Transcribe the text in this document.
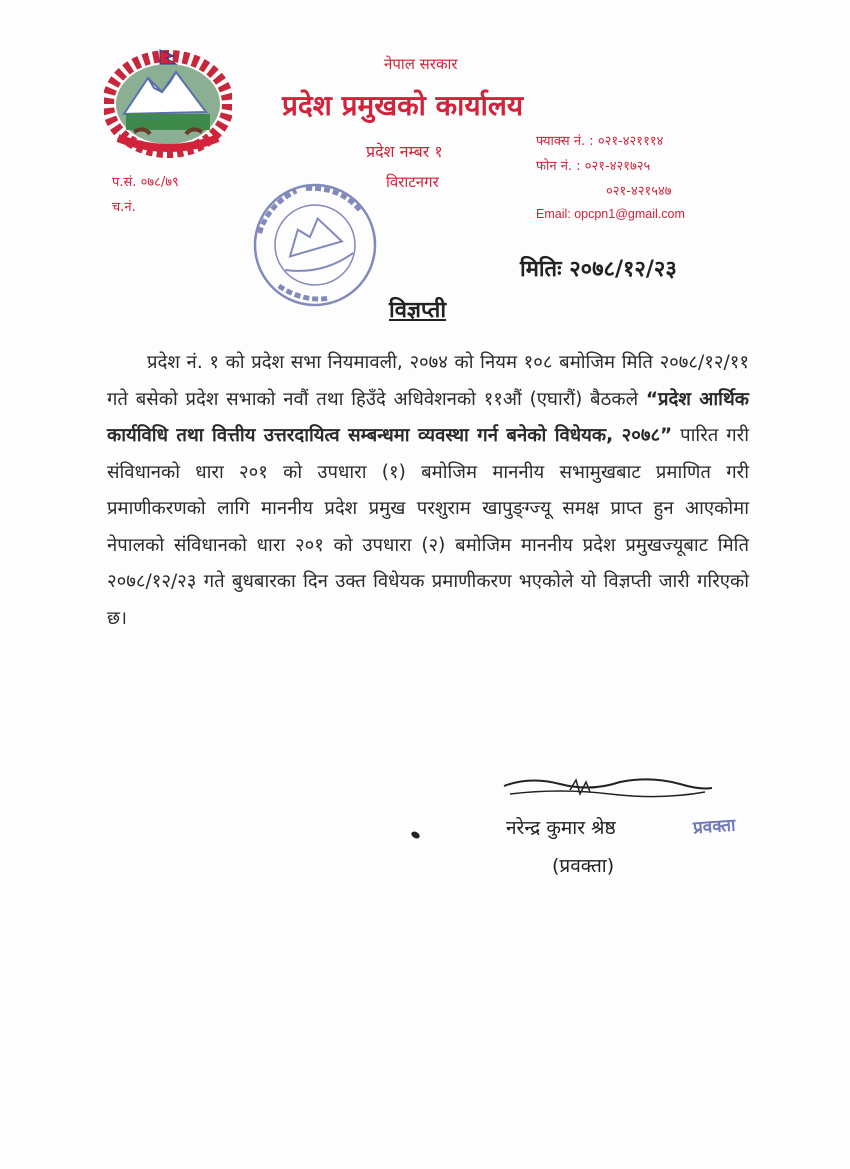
नेपाल सरकार
प्रदेश प्रमुखको कार्यालय
प्रदेश नम्बर १
विराटनगर
फ्याक्स नं. : ०२१-४२१११४
फोन नं. : ०२१-४२१७२५
०२१-४२१५४७
Email: opcpn1@gmail.com
प.सं. ०७८/७९
च.नं.
मितिः २०७८/१२/२३
विज्ञप्ती
प्रदेश नं. १ को प्रदेश सभा नियमावली, २०७४ को नियम १०८ बमोजिम मिति २०७८/१२/११ गते बसेको प्रदेश सभाको नवौं तथा हिउँदे अधिवेशनको ११औं (एघारौं) बैठकले “प्रदेश आर्थिक कार्यविधि तथा वित्तीय उत्तरदायित्व सम्बन्धमा व्यवस्था गर्न बनेको विधेयक, २०७८” पारित गरी संविधानको धारा २०१ को उपधारा (१) बमोजिम माननीय सभामुखबाट प्रमाणित गरी प्रमाणीकरणको लागि माननीय प्रदेश प्रमुख परशुराम खापुङ्ग्ज्यू समक्ष प्राप्त हुन आएकोमा नेपालको संविधानको धारा २०१ को उपधारा (२) बमोजिम माननीय प्रदेश प्रमुखज्यूबाट मिति २०७८/१२/२३ गते बुधबारका दिन उक्त विधेयक प्रमाणीकरण भएकोले यो विज्ञप्ती जारी गरिएको छ।
नरेन्द्र कुमार श्रेष्ठ	प्रवक्ता
(प्रवक्ता)
